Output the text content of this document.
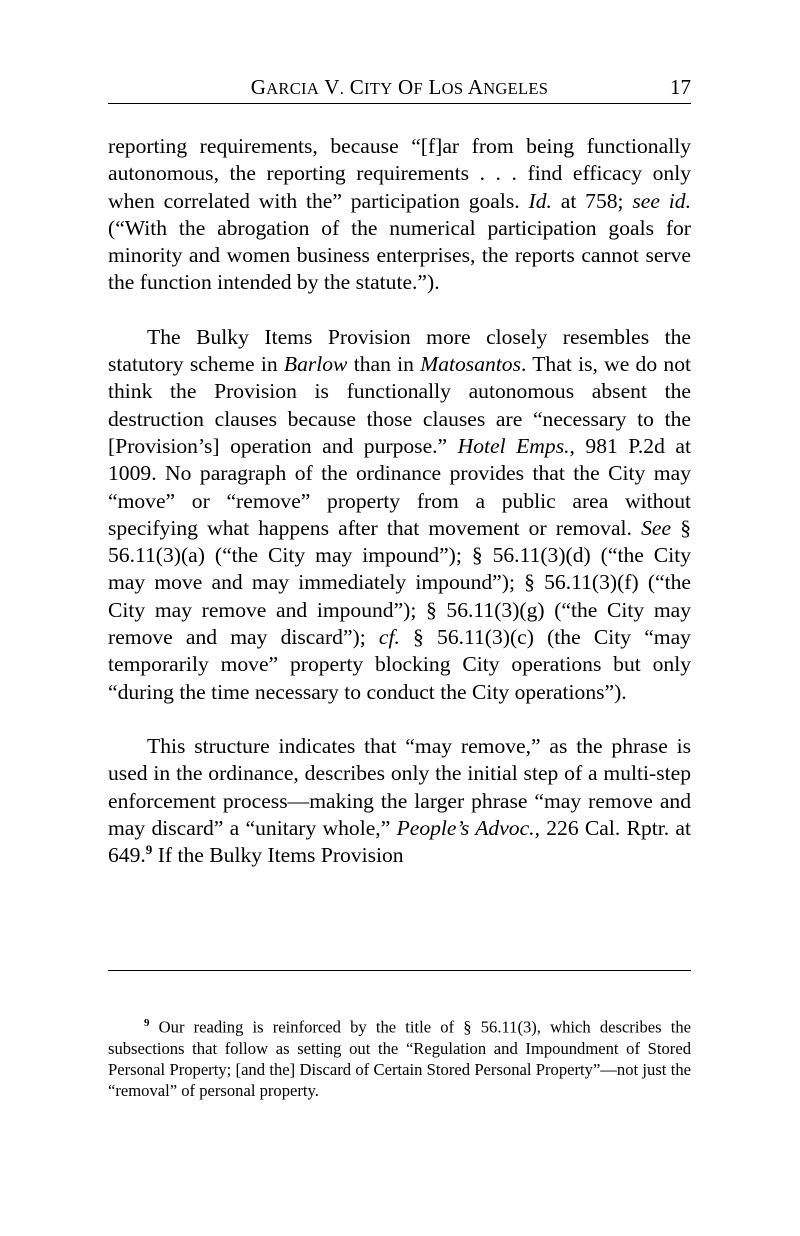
GARCIA V. CITY OF LOS ANGELES	17

reporting requirements, because “[f]ar from being functionally autonomous, the reporting requirements . . . find efficacy only when correlated with the” participation goals. Id. at 758; see id. (“With the abrogation of the numerical participation goals for minority and women business enterprises, the reports cannot serve the function intended by the statute.”).

The Bulky Items Provision more closely resembles the statutory scheme in Barlow than in Matosantos. That is, we do not think the Provision is functionally autonomous absent the destruction clauses because those clauses are “necessary to the [Provision’s] operation and purpose.” Hotel Emps., 981 P.2d at 1009. No paragraph of the ordinance provides that the City may “move” or “remove” property from a public area without specifying what happens after that movement or removal. See § 56.11(3)(a) (“the City may impound”); § 56.11(3)(d) (“the City may move and may immediately impound”); § 56.11(3)(f) (“the City may remove and impound”); § 56.11(3)(g) (“the City may remove and may discard”); cf. § 56.11(3)(c) (the City “may temporarily move” property blocking City operations but only “during the time necessary to conduct the City operations”).

This structure indicates that “may remove,” as the phrase is used in the ordinance, describes only the initial step of a multi-step enforcement process—making the larger phrase “may remove and may discard” a “unitary whole,” People’s Advoc., 226 Cal. Rptr. at 649.$^9$ If the Bulky Items Provision

$^9$ Our reading is reinforced by the title of § 56.11(3), which describes the subsections that follow as setting out the “Regulation and Impoundment of Stored Personal Property; [and the] Discard of Certain Stored Personal Property”—not just the “removal” of personal property.
